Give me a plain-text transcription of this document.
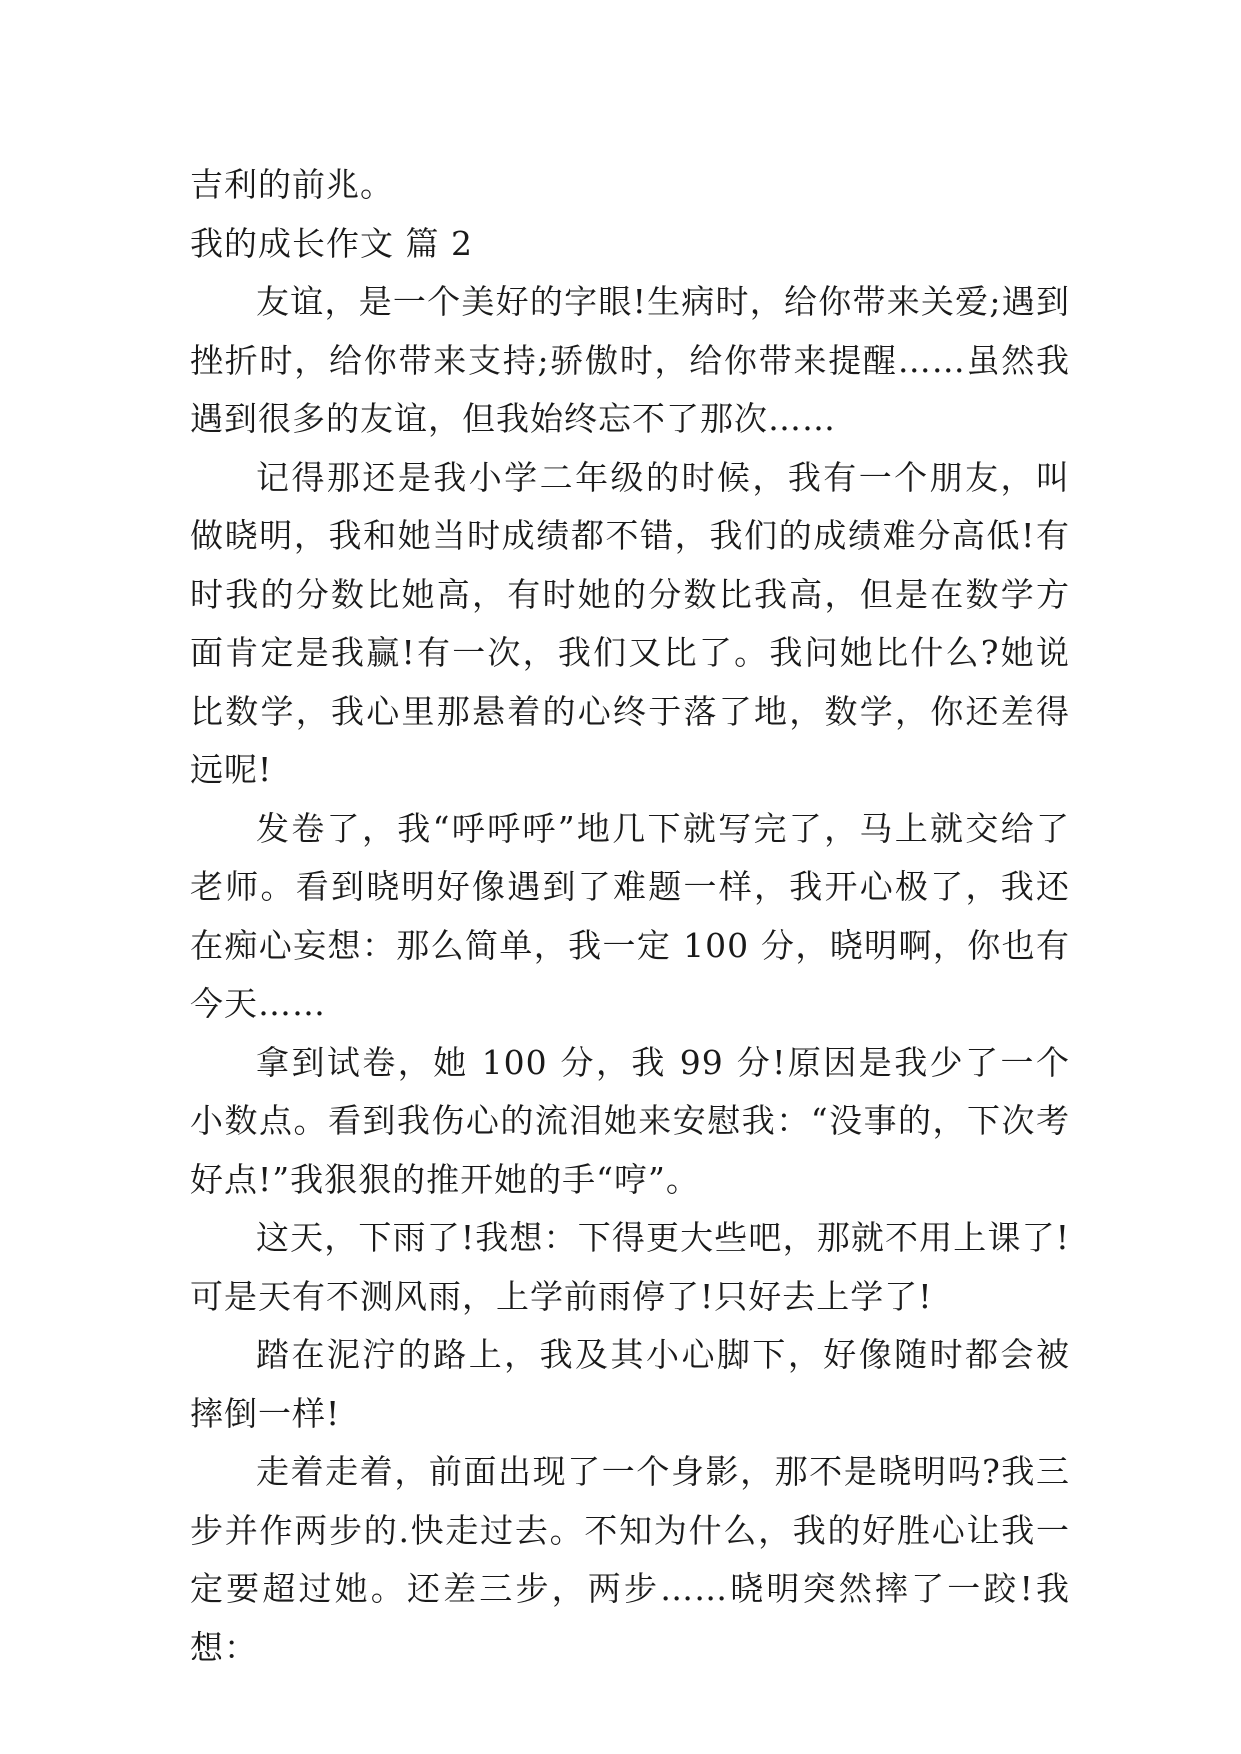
吉利的前兆。

我的成长作文 篇 2

友谊，是一个美好的字眼!生病时，给你带来关爱;遇到挫折时，给你带来支持;骄傲时，给你带来提醒……虽然我遇到很多的友谊，但我始终忘不了那次……

记得那还是我小学二年级的时候，我有一个朋友，叫做晓明，我和她当时成绩都不错，我们的成绩难分高低!有时我的分数比她高，有时她的分数比我高，但是在数学方面肯定是我赢!有一次，我们又比了。我问她比什么?她说比数学，我心里那悬着的心终于落了地，数学，你还差得远呢!

发卷了，我“呼呼呼”地几下就写完了，马上就交给了老师。看到晓明好像遇到了难题一样，我开心极了，我还在痴心妄想：那么简单，我一定 100 分，晓明啊，你也有今天……

拿到试卷，她 100 分，我 99 分!原因是我少了一个小数点。看到我伤心的流泪她来安慰我：“没事的，下次考好点!”我狠狠的推开她的手“哼”。

这天，下雨了!我想：下得更大些吧，那就不用上课了!可是天有不测风雨，上学前雨停了!只好去上学了!

踏在泥泞的路上，我及其小心脚下，好像随时都会被摔倒一样!

走着走着，前面出现了一个身影，那不是晓明吗?我三步并作两步的.快走过去。不知为什么，我的好胜心让我一定要超过她。还差三步，两步……晓明突然摔了一跤!我想：
